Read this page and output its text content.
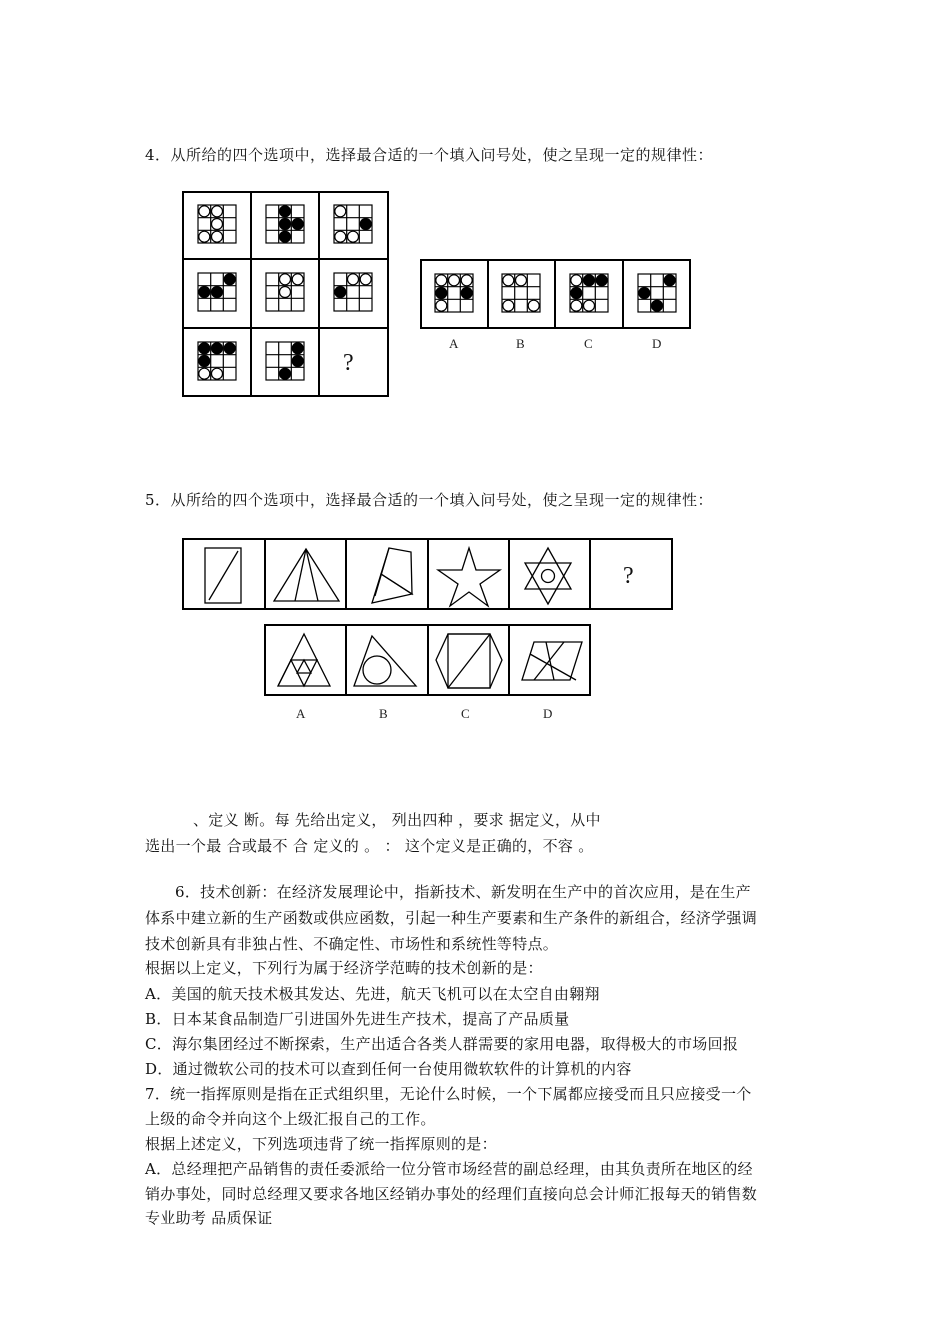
4．从所给的四个选项中，选择最合适的一个填入问号处，使之呈现一定的规律性：
?
A	B	C	D
5．从所给的四个选项中，选择最合适的一个填入问号处，使之呈现一定的规律性：
?
A	B	C	D
、定义 断。每 先给出定义， 列出四种 ，要求 据定义，从中
选出一个最 合或最不 合 定义的 。 ： 这个定义是正确的，不容 。
6．技术创新：在经济发展理论中，指新技术、新发明在生产中的首次应用，是在生产
体系中建立新的生产函数或供应函数，引起一种生产要素和生产条件的新组合，经济学强调
技术创新具有非独占性、不确定性、市场性和系统性等特点。
根据以上定义，下列行为属于经济学范畴的技术创新的是：
A．美国的航天技术极其发达、先进，航天飞机可以在太空自由翱翔
B．日本某食品制造厂引进国外先进生产技术，提高了产品质量
C．海尔集团经过不断探索，生产出适合各类人群需要的家用电器，取得极大的市场回报
D．通过微软公司的技术可以查到任何一台使用微软软件的计算机的内容
7．统一指挥原则是指在正式组织里，无论什么时候，一个下属都应接受而且只应接受一个
上级的命令并向这个上级汇报自己的工作。
根据上述定义，下列选项违背了统一指挥原则的是：
A．总经理把产品销售的责任委派给一位分管市场经营的副总经理，由其负责所在地区的经
销办事处，同时总经理又要求各地区经销办事处的经理们直接向总会计师汇报每天的销售数
专业助考 品质保证
